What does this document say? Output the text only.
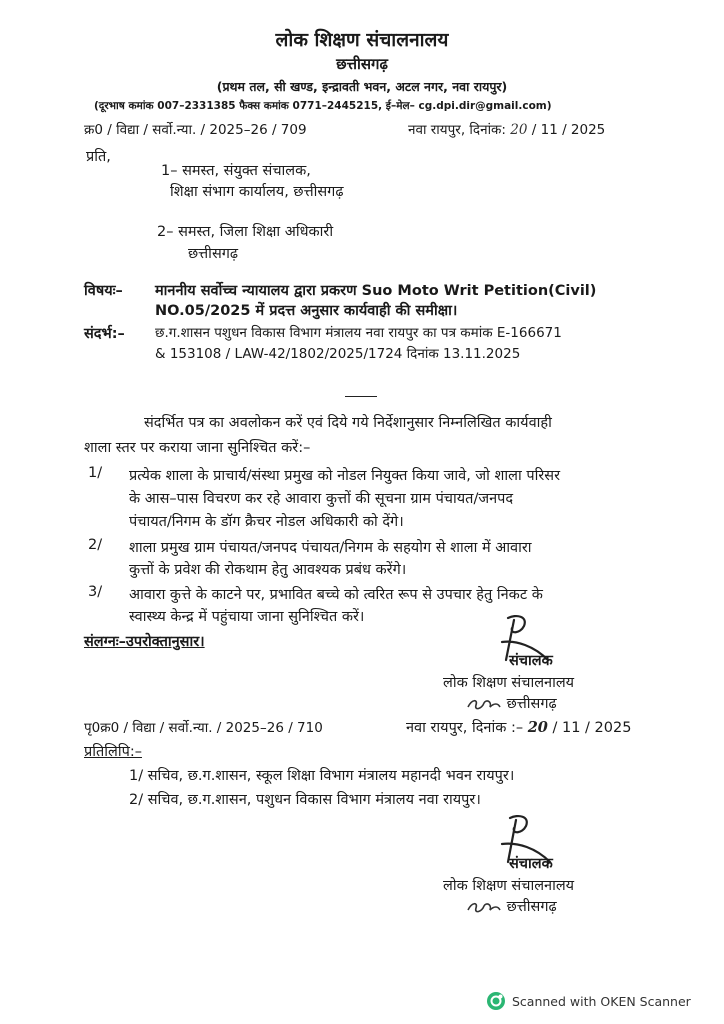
लोक शिक्षण संचालनालय
छत्तीसगढ़
(प्रथम तल, सी खण्ड, इन्द्रावती भवन, अटल नगर, नवा रायपुर)
(दूरभाष कमांक 007–2331385 फैक्स कमांक 0771–2445215, ई–मेल– cg.dpi.dir@gmail.com)
क्र0 / विद्या / सर्वो.न्या. / 2025–26 / 709	नवा रायपुर, दिनांक: 20 / 11 / 2025
प्रति,
1– समस्त, संयुक्त संचालक,
शिक्षा संभाग कार्यालय, छत्तीसगढ़
2– समस्त, जिला शिक्षा अधिकारी
छत्तीसगढ़
विषयः– माननीय सर्वोच्च न्यायालय द्वारा प्रकरण Suo Moto Writ Petition(Civil)
NO.05/2025 में प्रदत्त अनुसार कार्यवाही की समीक्षा।
संदर्भ:– छ.ग.शासन पशुधन विकास विभाग मंत्रालय नवा रायपुर का पत्र कमांक E-166671
& 153108 / LAW-42/1802/2025/1724 दिनांक 13.11.2025
संदर्भित पत्र का अवलोकन करें एवं दिये गये निर्देशानुसार निम्नलिखित कार्यवाही
शाला स्तर पर कराया जाना सुनिश्चित करें:–
1/ प्रत्येक शाला के प्राचार्य/संस्था प्रमुख को नोडल नियुक्त किया जावे, जो शाला परिसर
के आस–पास विचरण कर रहे आवारा कुत्तों की सूचना ग्राम पंचायत/जनपद
पंचायत/निगम के डॉग क्रैचर नोडल अधिकारी को देंगे।
2/ शाला प्रमुख ग्राम पंचायत/जनपद पंचायत/निगम के सहयोग से शाला में आवारा
कुत्तों के प्रवेश की रोकथाम हेतु आवश्यक प्रबंध करेंगे।
3/ आवारा कुत्ते के काटने पर, प्रभावित बच्चे को त्वरित रूप से उपचार हेतु निकट के
स्वास्थ्य केन्द्र में पहुंचाया जाना सुनिश्चित करें।
संलग्नः–उपरोक्तानुसार।
संचालक
लोक शिक्षण संचालनालय
छत्तीसगढ़
पृ0क्र0 / विद्या / सर्वो.न्या. / 2025–26 / 710	नवा रायपुर, दिनांक :– 20 / 11 / 2025
प्रतिलिपि:–
1/ सचिव, छ.ग.शासन, स्कूल शिक्षा विभाग मंत्रालय महानदी भवन रायपुर।
2/ सचिव, छ.ग.शासन, पशुधन विकास विभाग मंत्रालय नवा रायपुर।
संचालक
लोक शिक्षण संचालनालय
छत्तीसगढ़
Scanned with OKEN Scanner
